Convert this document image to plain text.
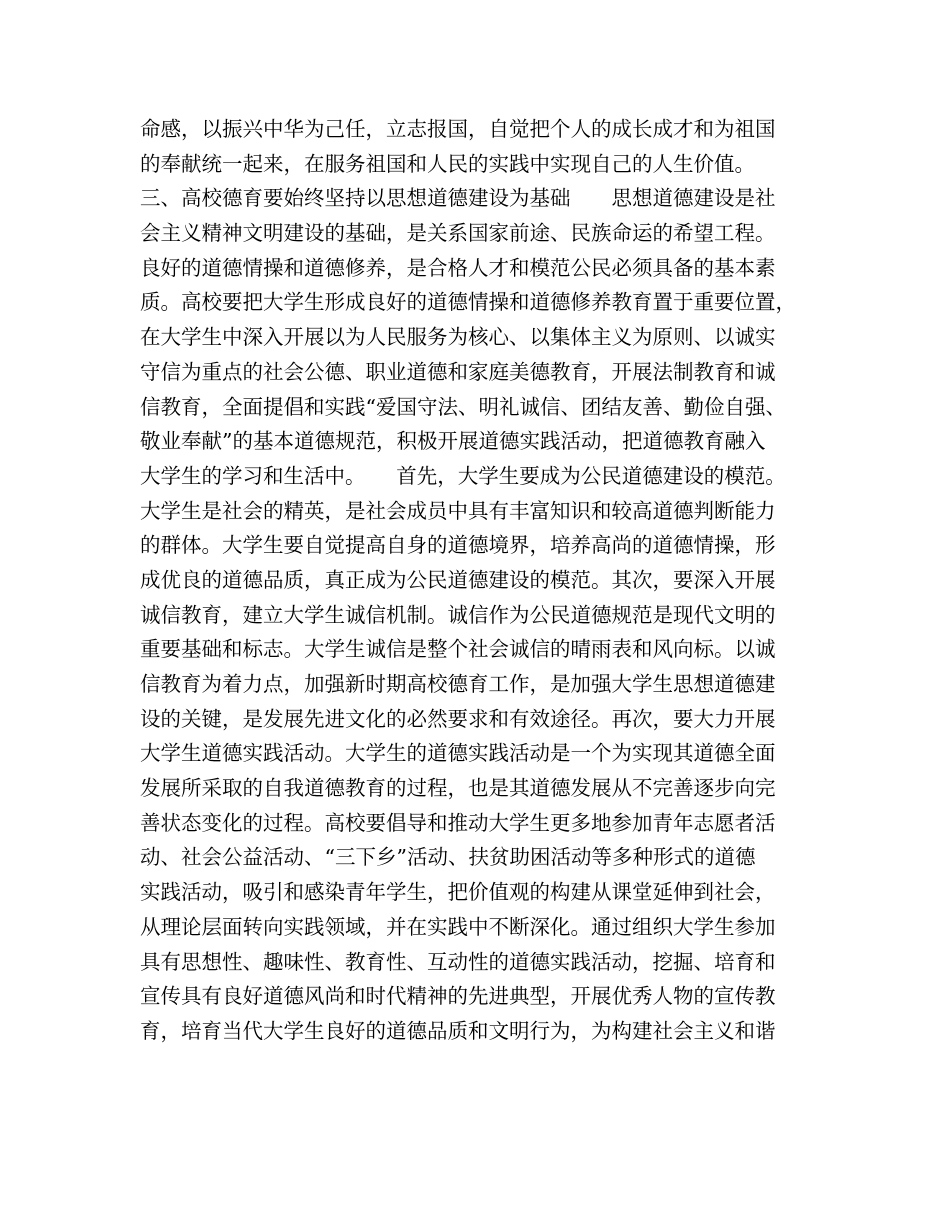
命感，以振兴中华为己任，立志报国，自觉把个人的成长成才和为祖国
的奉献统一起来，在服务祖国和人民的实践中实现自己的人生价值。
三、高校德育要始终坚持以思想道德建设为基础　　思想道德建设是社
会主义精神文明建设的基础，是关系国家前途、民族命运的希望工程。
良好的道德情操和道德修养，是合格人才和模范公民必须具备的基本素
质。高校要把大学生形成良好的道德情操和道德修养教育置于重要位置，
在大学生中深入开展以为人民服务为核心、以集体主义为原则、以诚实
守信为重点的社会公德、职业道德和家庭美德教育，开展法制教育和诚
信教育，全面提倡和实践“爱国守法、明礼诚信、团结友善、勤俭自强、
敬业奉献”的基本道德规范，积极开展道德实践活动，把道德教育融入
大学生的学习和生活中。　　首先，大学生要成为公民道德建设的模范。
大学生是社会的精英，是社会成员中具有丰富知识和较高道德判断能力
的群体。大学生要自觉提高自身的道德境界，培养高尚的道德情操，形
成优良的道德品质，真正成为公民道德建设的模范。其次，要深入开展
诚信教育，建立大学生诚信机制。诚信作为公民道德规范是现代文明的
重要基础和标志。大学生诚信是整个社会诚信的晴雨表和风向标。以诚
信教育为着力点，加强新时期高校德育工作，是加强大学生思想道德建
设的关键，是发展先进文化的必然要求和有效途径。再次，要大力开展
大学生道德实践活动。大学生的道德实践活动是一个为实现其道德全面
发展所采取的自我道德教育的过程，也是其道德发展从不完善逐步向完
善状态变化的过程。高校要倡导和推动大学生更多地参加青年志愿者活
动、社会公益活动、“三下乡”活动、扶贫助困活动等多种形式的道德
实践活动，吸引和感染青年学生，把价值观的构建从课堂延伸到社会，
从理论层面转向实践领域，并在实践中不断深化。通过组织大学生参加
具有思想性、趣味性、教育性、互动性的道德实践活动，挖掘、培育和
宣传具有良好道德风尚和时代精神的先进典型，开展优秀人物的宣传教
育，培育当代大学生良好的道德品质和文明行为，为构建社会主义和谐
